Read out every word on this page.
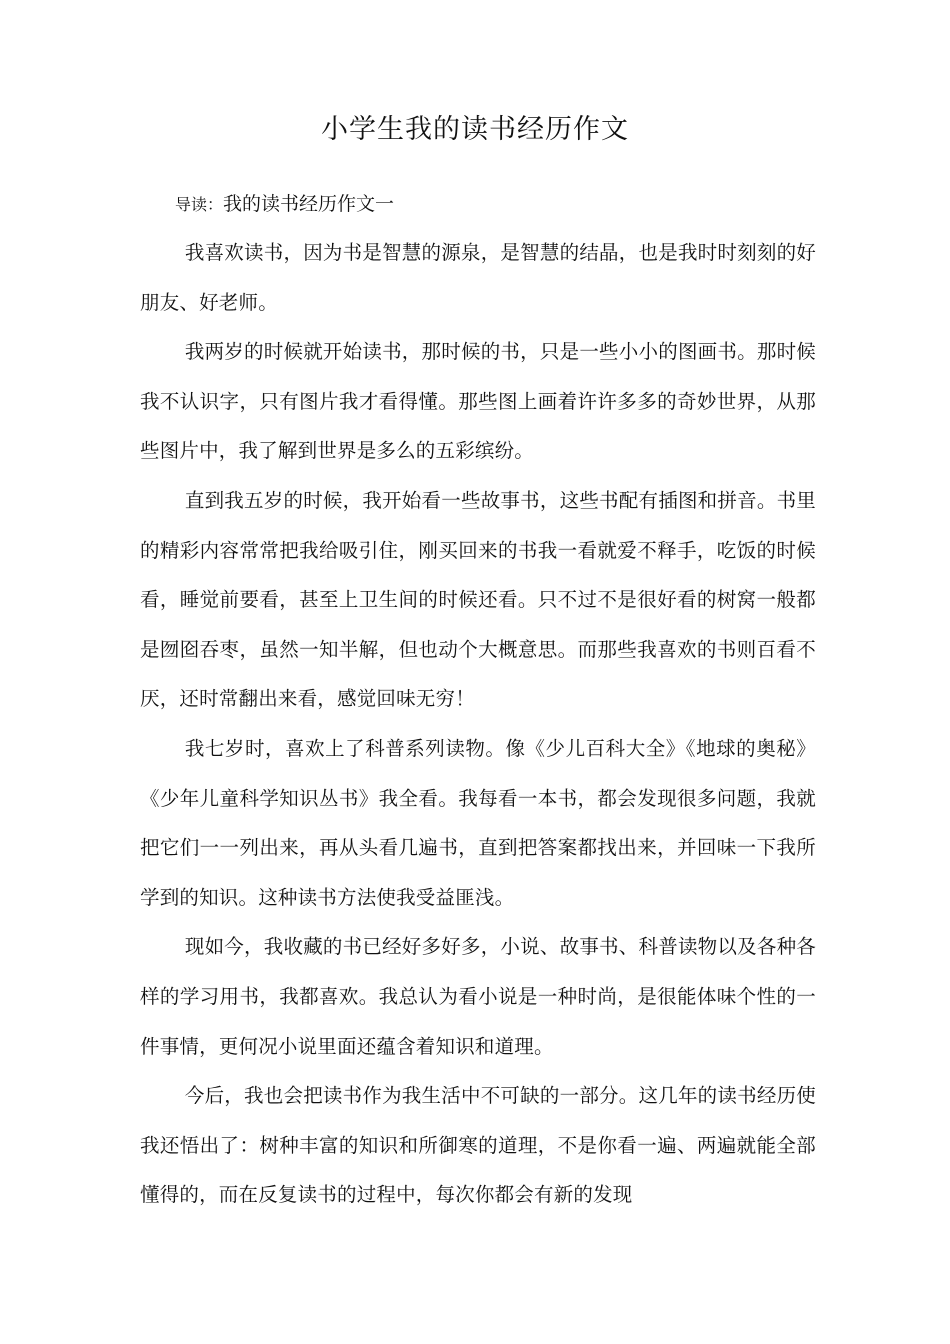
小学生我的读书经历作文
导读：我的读书经历作文一

我喜欢读书，因为书是智慧的源泉，是智慧的结晶，也是我时时刻刻的好朋友、好老师。

我两岁的时候就开始读书，那时候的书，只是一些小小的图画书。那时候我不认识字，只有图片我才看得懂。那些图上画着许许多多的奇妙世界，从那些图片中，我了解到世界是多么的五彩缤纷。

直到我五岁的时候，我开始看一些故事书，这些书配有插图和拼音。书里的精彩内容常常把我给吸引住，刚买回来的书我一看就爱不释手，吃饭的时候看，睡觉前要看，甚至上卫生间的时候还看。只不过不是很好看的树窝一般都是囫囵吞枣，虽然一知半解，但也动个大概意思。而那些我喜欢的书则百看不厌，还时常翻出来看，感觉回味无穷！

我七岁时，喜欢上了科普系列读物。像《少儿百科大全》《地球的奥秘》《少年儿童科学知识丛书》我全看。我每看一本书，都会发现很多问题，我就把它们一一列出来，再从头看几遍书，直到把答案都找出来，并回味一下我所学到的知识。这种读书方法使我受益匪浅。

现如今，我收藏的书已经好多好多，小说、故事书、科普读物以及各种各样的学习用书，我都喜欢。我总认为看小说是一种时尚，是很能体味个性的一件事情，更何况小说里面还蕴含着知识和道理。

今后，我也会把读书作为我生活中不可缺的一部分。这几年的读书经历使我还悟出了：树种丰富的知识和所御寒的道理，不是你看一遍、两遍就能全部懂得的，而在反复读书的过程中，每次你都会有新的发现
